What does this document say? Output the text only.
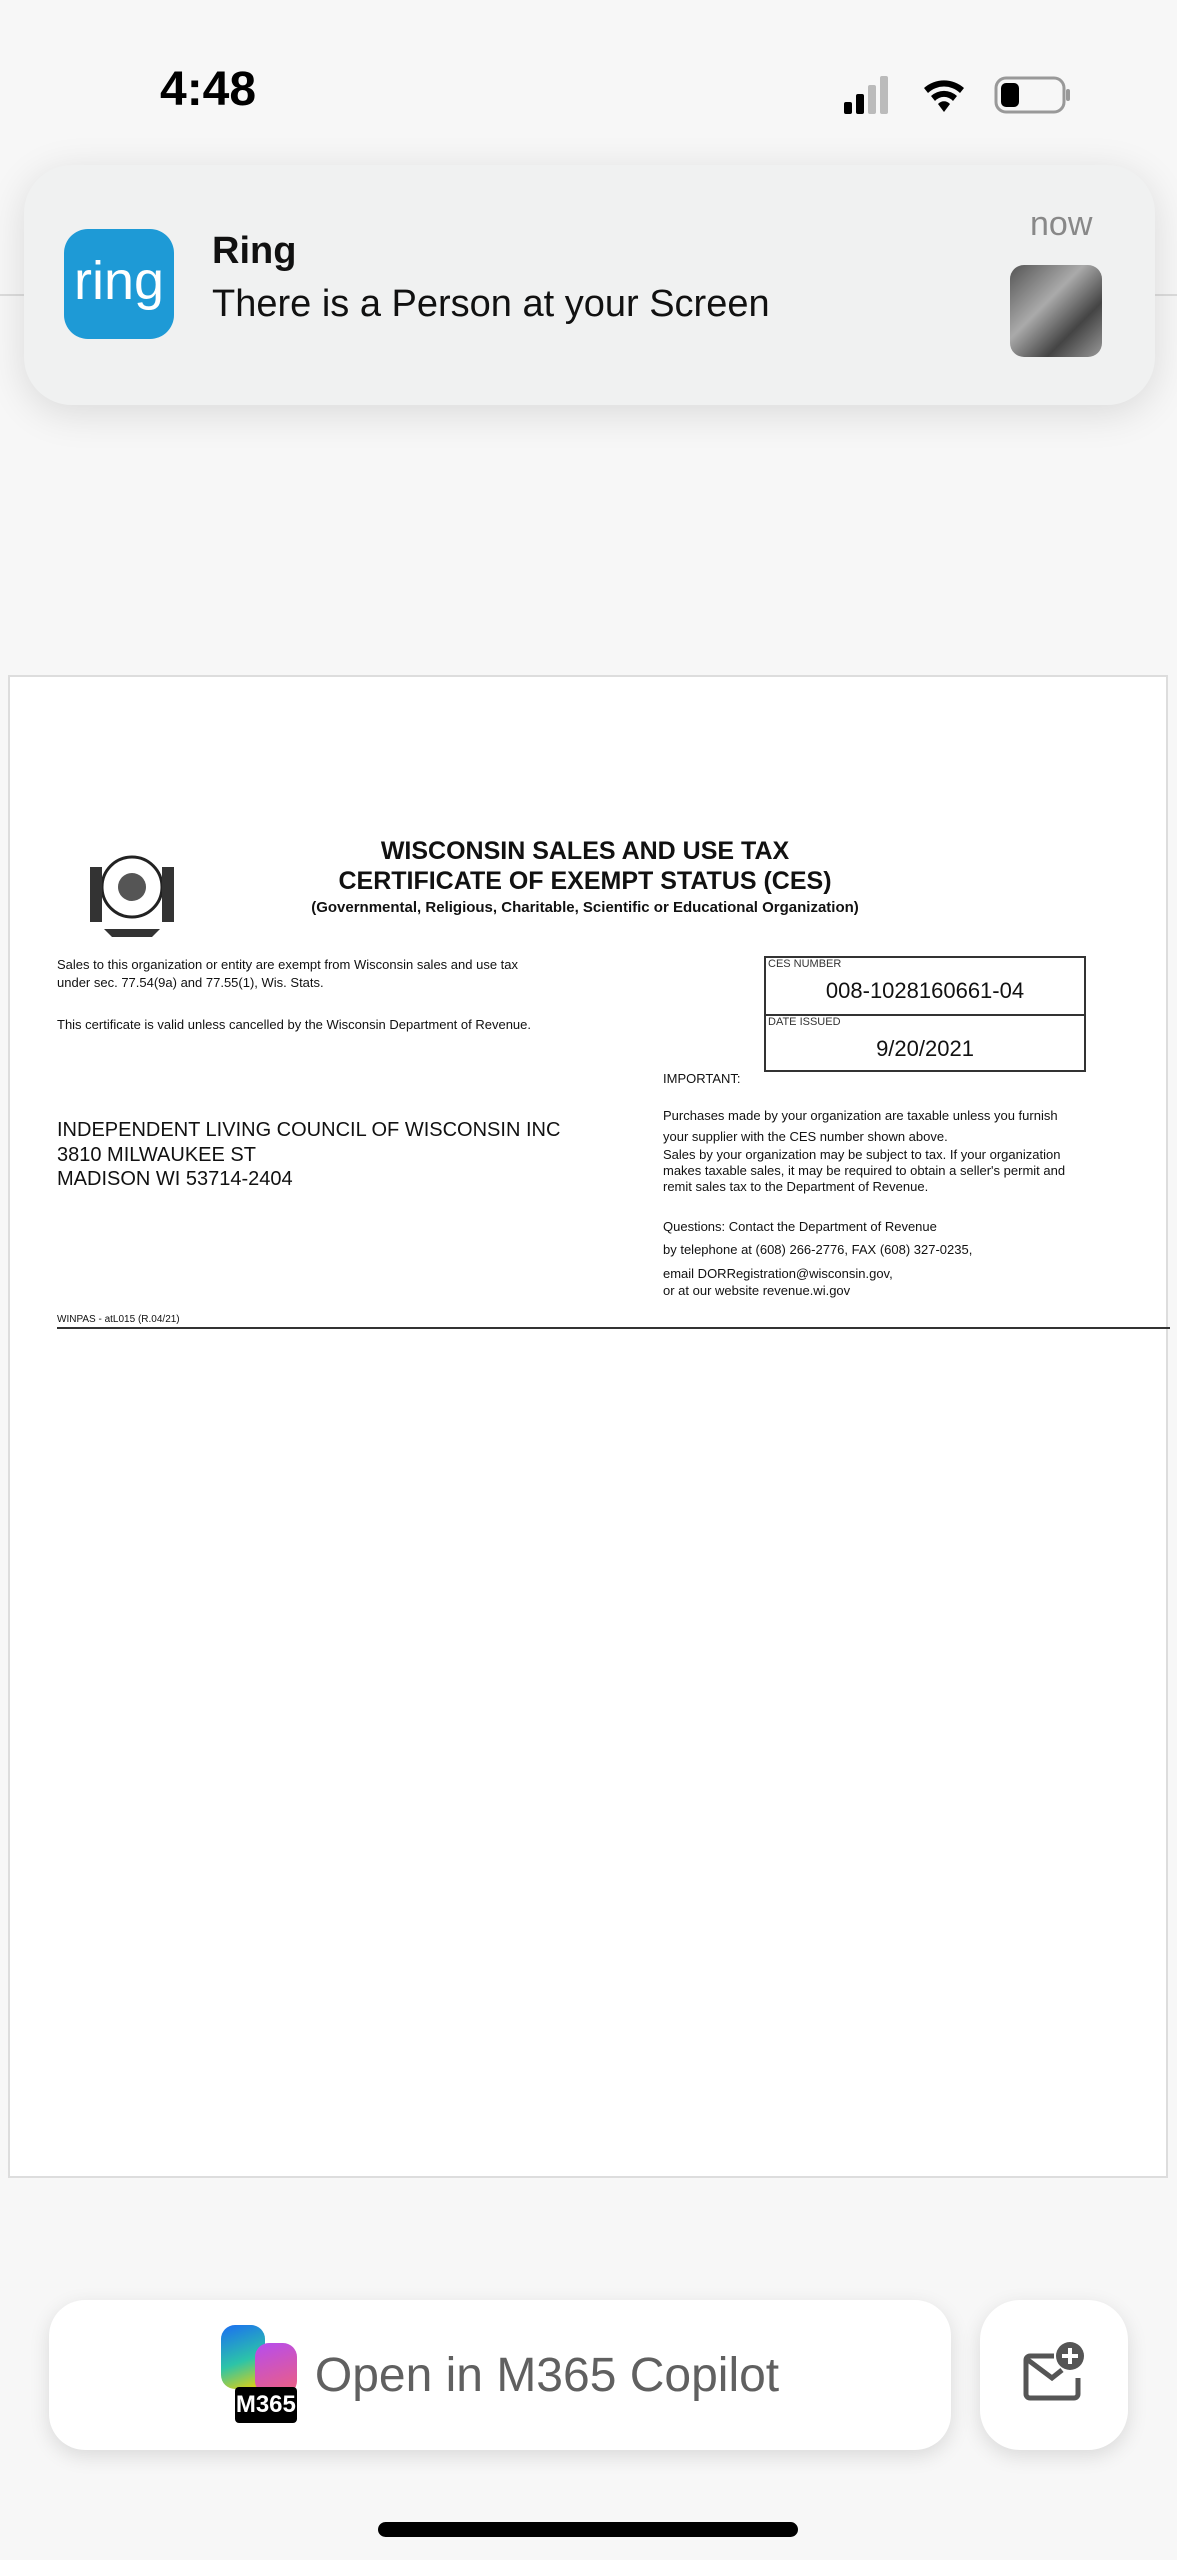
4:48
ring Ring
There is a Person at your Screen
now
WISCONSIN SALES AND USE TAX
CERTIFICATE OF EXEMPT STATUS (CES)
(Governmental, Religious, Charitable, Scientific or Educational Organization)
Sales to this organization or entity are exempt from Wisconsin sales and use tax
under sec. 77.54(9a) and 77.55(1), Wis. Stats.
This certificate is valid unless cancelled by the Wisconsin Department of Revenue.
CES NUMBER
008-1028160661-04
DATE ISSUED
9/20/2021
IMPORTANT:
INDEPENDENT LIVING COUNCIL OF WISCONSIN INC
3810 MILWAUKEE ST
MADISON WI 53714-2404
Purchases made by your organization are taxable unless you furnish
your supplier with the CES number shown above.
Sales by your organization may be subject to tax. If your organization
makes taxable sales, it may be required to obtain a seller's permit and
remit sales tax to the Department of Revenue.
Questions: Contact the Department of Revenue
by telephone at (608) 266-2776, FAX (608) 327-0235,
email DORRegistration@wisconsin.gov,
or at our website revenue.wi.gov
WINPAS - atL015 (R.04/21)
M365
Open in M365 Copilot
